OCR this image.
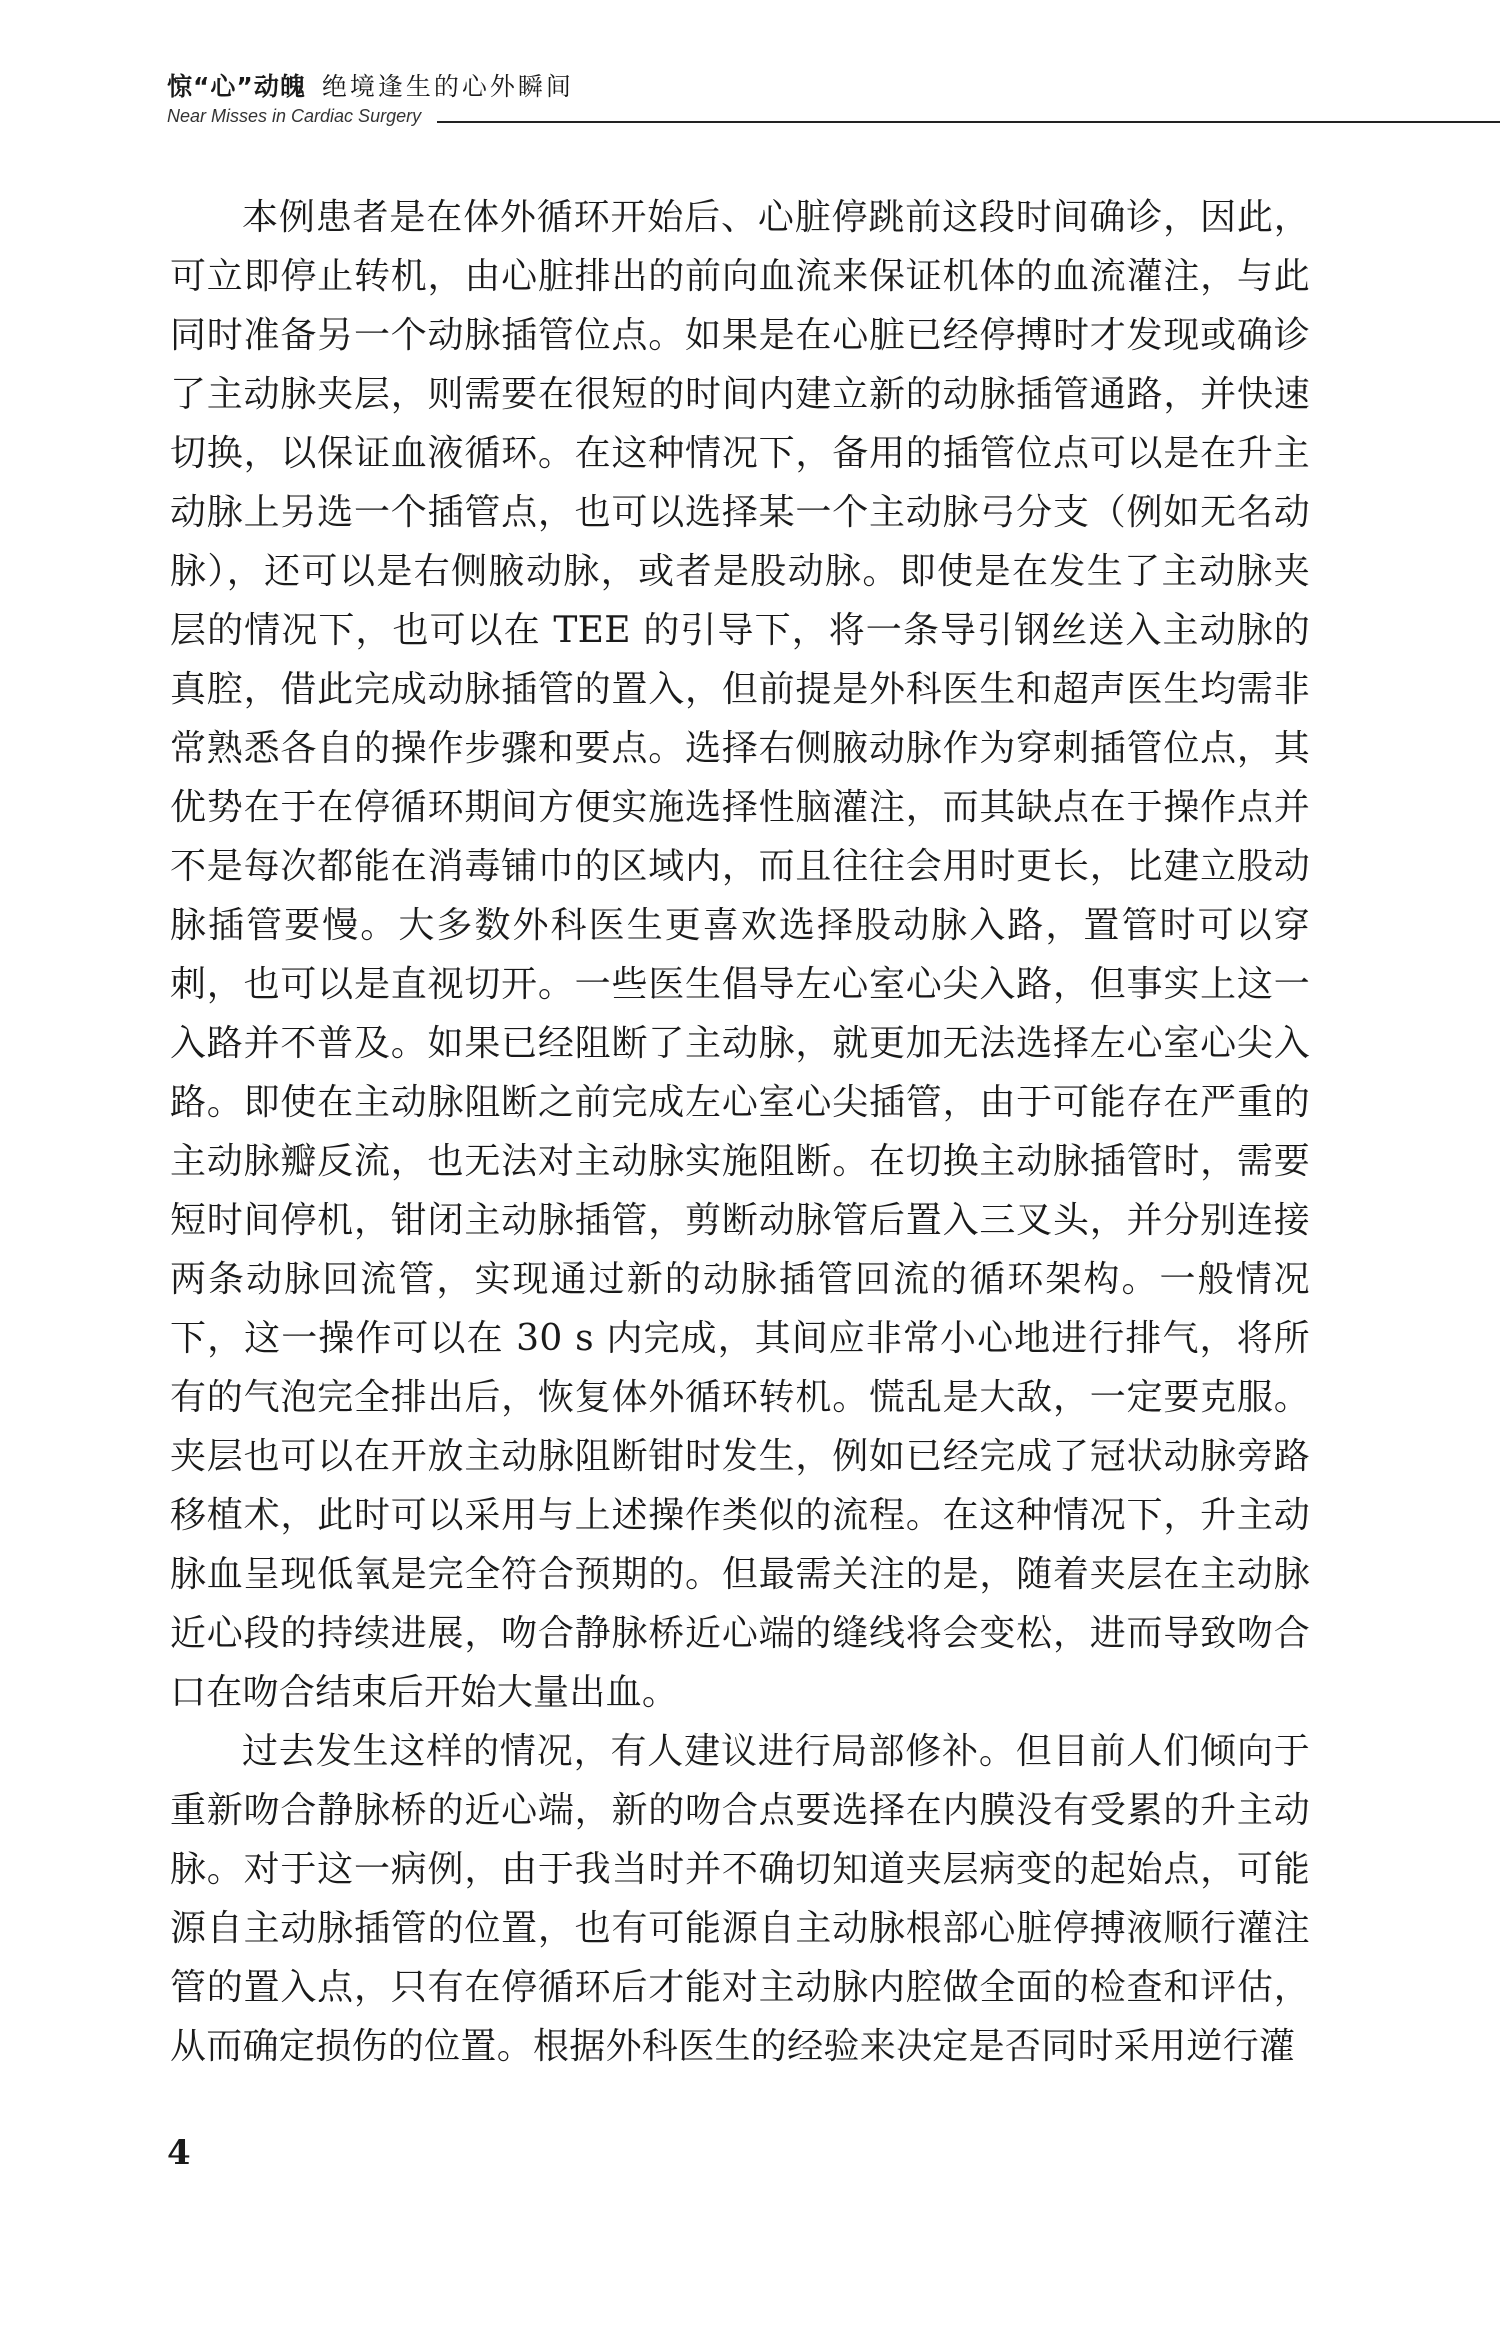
惊“心”动魄 绝境逢生的心外瞬间
Near Misses in Cardiac Surgery

本例患者是在体外循环开始后、心脏停跳前这段时间确诊，因此，可立即停止转机，由心脏排出的前向血流来保证机体的血流灌注，与此同时准备另一个动脉插管位点。如果是在心脏已经停搏时才发现或确诊了主动脉夹层，则需要在很短的时间内建立新的动脉插管通路，并快速切换，以保证血液循环。在这种情况下，备用的插管位点可以是在升主动脉上另选一个插管点，也可以选择某一个主动脉弓分支（例如无名动脉），还可以是右侧腋动脉，或者是股动脉。即使是在发生了主动脉夹层的情况下，也可以在 TEE 的引导下，将一条导引钢丝送入主动脉的真腔，借此完成动脉插管的置入，但前提是外科医生和超声医生均需非常熟悉各自的操作步骤和要点。选择右侧腋动脉作为穿刺插管位点，其优势在于在停循环期间方便实施选择性脑灌注，而其缺点在于操作点并不是每次都能在消毒铺巾的区域内，而且往往会用时更长，比建立股动脉插管要慢。大多数外科医生更喜欢选择股动脉入路，置管时可以穿刺，也可以是直视切开。一些医生倡导左心室心尖入路，但事实上这一入路并不普及。如果已经阻断了主动脉，就更加无法选择左心室心尖入路。即使在主动脉阻断之前完成左心室心尖插管，由于可能存在严重的主动脉瓣反流，也无法对主动脉实施阻断。在切换主动脉插管时，需要短时间停机，钳闭主动脉插管，剪断动脉管后置入三叉头，并分别连接两条动脉回流管，实现通过新的动脉插管回流的循环架构。一般情况下，这一操作可以在 30 s 内完成，其间应非常小心地进行排气，将所有的气泡完全排出后，恢复体外循环转机。慌乱是大敌，一定要克服。夹层也可以在开放主动脉阻断钳时发生，例如已经完成了冠状动脉旁路移植术，此时可以采用与上述操作类似的流程。在这种情况下，升主动脉血呈现低氧是完全符合预期的。但最需关注的是，随着夹层在主动脉近心段的持续进展，吻合静脉桥近心端的缝线将会变松，进而导致吻合口在吻合结束后开始大量出血。

过去发生这样的情况，有人建议进行局部修补。但目前人们倾向于重新吻合静脉桥的近心端，新的吻合点要选择在内膜没有受累的升主动脉。对于这一病例，由于我当时并不确切知道夹层病变的起始点，可能源自主动脉插管的位置，也有可能源自主动脉根部心脏停搏液顺行灌注管的置入点，只有在停循环后才能对主动脉内腔做全面的检查和评估，从而确定损伤的位置。根据外科医生的经验来决定是否同时采用逆行灌

4
